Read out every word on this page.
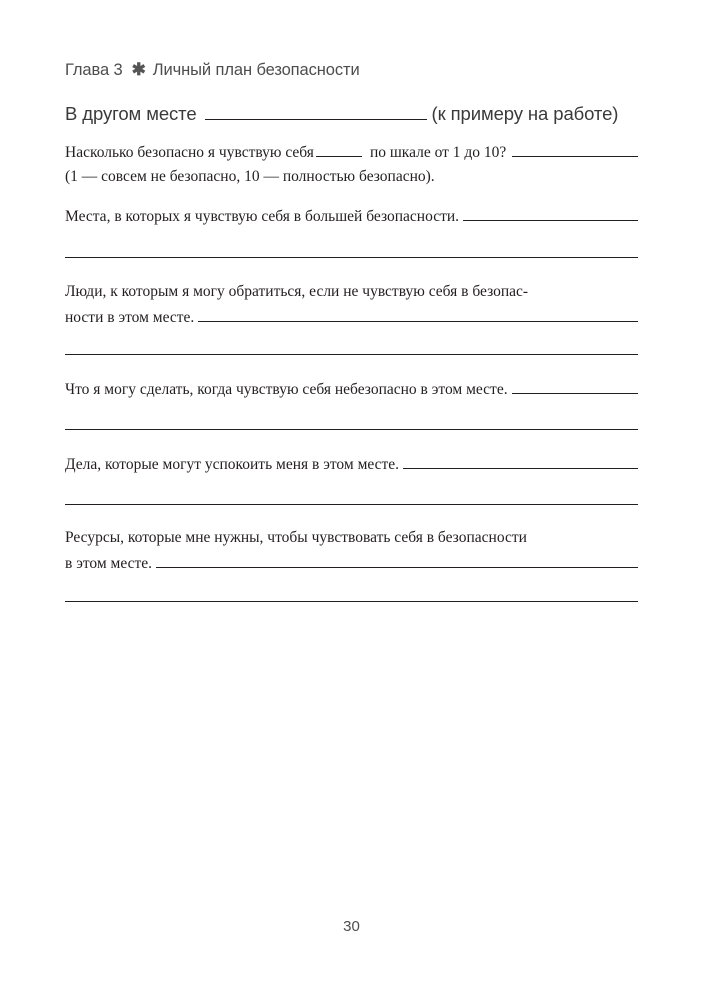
Глава 3 ✱ Личный план безопасности
В другом месте	(к примеру на работе)
Насколько безопасно я чувствую себя	по шкале от 1 до 10?
(1 — совсем не безопасно, 10 — полностью безопасно).
Места, в которых я чувствую себя в большей безопасности.
Люди, к которым я могу обратиться, если не чувствую себя в безопас-
ности в этом месте.
Что я могу сделать, когда чувствую себя небезопасно в этом месте.
Дела, которые могут успокоить меня в этом месте.
Ресурсы, которые мне нужны, чтобы чувствовать себя в безопасности
в этом месте.
30
